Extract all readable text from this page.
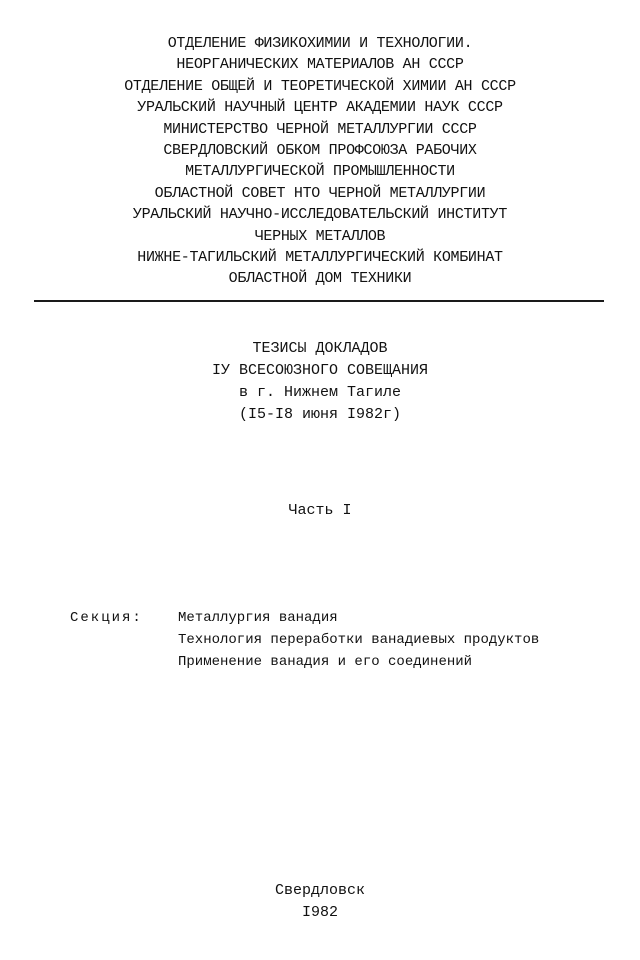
ОТДЕЛЕНИЕ ФИЗИКОХИМИИ И ТЕХНОЛОГИИ.
НЕОРГАНИЧЕСКИХ МАТЕРИАЛОВ АН СССР
ОТДЕЛЕНИЕ ОБЩЕЙ И ТЕОРЕТИЧЕСКОЙ ХИМИИ АН СССР
УРАЛЬСКИЙ НАУЧНЫЙ ЦЕНТР АКАДЕМИИ НАУК СССР
МИНИСТЕРСТВО ЧЕРНОЙ МЕТАЛЛУРГИИ СССР
СВЕРДЛОВСКИЙ ОБКОМ ПРОФСОЮЗА РАБОЧИХ
МЕТАЛЛУРГИЧЕСКОЙ ПРОМЫШЛЕННОСТИ
ОБЛАСТНОЙ СОВЕТ НТО ЧЕРНОЙ МЕТАЛЛУРГИИ
УРАЛЬСКИЙ НАУЧНО-ИССЛЕДОВАТЕЛЬСКИЙ ИНСТИТУТ
ЧЕРНЫХ МЕТАЛЛОВ
НИЖНЕ-ТАГИЛЬСКИЙ МЕТАЛЛУРГИЧЕСКИЙ КОМБИНАТ
ОБЛАСТНОЙ ДОМ ТЕХНИКИ
ТЕЗИСЫ ДОКЛАДОВ
IУ ВСЕСОЮЗНОГО СОВЕЩАНИЯ
в г. Нижнем Тагиле
(I5-I8 июня I982г)
Часть I
Секция:	Металлургия ванадия
Технология переработки ванадиевых продуктов
Применение ванадия и его соединений
Свердловск
I982
